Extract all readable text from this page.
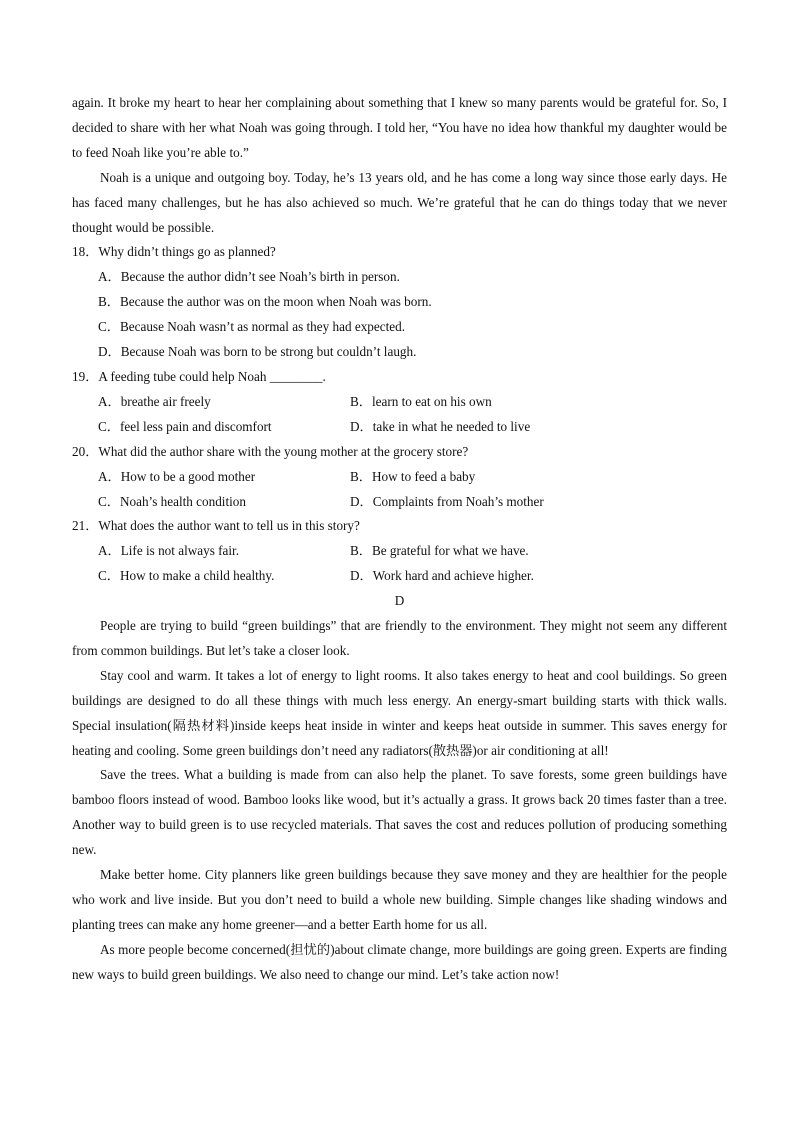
again. It broke my heart to hear her complaining about something that I knew so many parents would be grateful for. So, I decided to share with her what Noah was going through. I told her, “You have no idea how thankful my daughter would be to feed Noah like you’re able to.”

Noah is a unique and outgoing boy. Today, he’s 13 years old, and he has come a long way since those early days. He has faced many challenges, but he has also achieved so much. We’re grateful that he can do things today that we never thought would be possible.

18．Why didn’t things go as planned?

A．Because the author didn’t see Noah’s birth in person.

B．Because the author was on the moon when Noah was born.

C．Because Noah wasn’t as normal as they had expected.

D．Because Noah was born to be strong but couldn’t laugh.

19．A feeding tube could help Noah ________.

A．breathe air freely	B．learn to eat on his own
C．feel less pain and discomfort	D．take in what he needed to live

20．What did the author share with the young mother at the grocery store?

A．How to be a good mother	B．How to feed a baby
C．Noah’s health condition	D．Complaints from Noah’s mother

21．What does the author want to tell us in this story?

A．Life is not always fair.	B．Be grateful for what we have.
C．How to make a child healthy.	D．Work hard and achieve higher.

D

People are trying to build “green buildings” that are friendly to the environment. They might not seem any different from common buildings. But let’s take a closer look.

Stay cool and warm. It takes a lot of energy to light rooms. It also takes energy to heat and cool buildings. So green buildings are designed to do all these things with much less energy. An energy-smart building starts with thick walls. Special insulation(隔热材料)inside keeps heat inside in winter and keeps heat outside in summer. This saves energy for heating and cooling. Some green buildings don’t need any radiators(散热器)or air conditioning at all!

Save the trees. What a building is made from can also help the planet. To save forests, some green buildings have bamboo floors instead of wood. Bamboo looks like wood, but it’s actually a grass. It grows back 20 times faster than a tree. Another way to build green is to use recycled materials. That saves the cost and reduces pollution of producing something new.

Make better home. City planners like green buildings because they save money and they are healthier for the people who work and live inside. But you don’t need to build a whole new building. Simple changes like shading windows and planting trees can make any home greener—and a better Earth home for us all.

As more people become concerned(担忧的)about climate change, more buildings are going green. Experts are finding new ways to build green buildings. We also need to change our mind. Let’s take action now!
